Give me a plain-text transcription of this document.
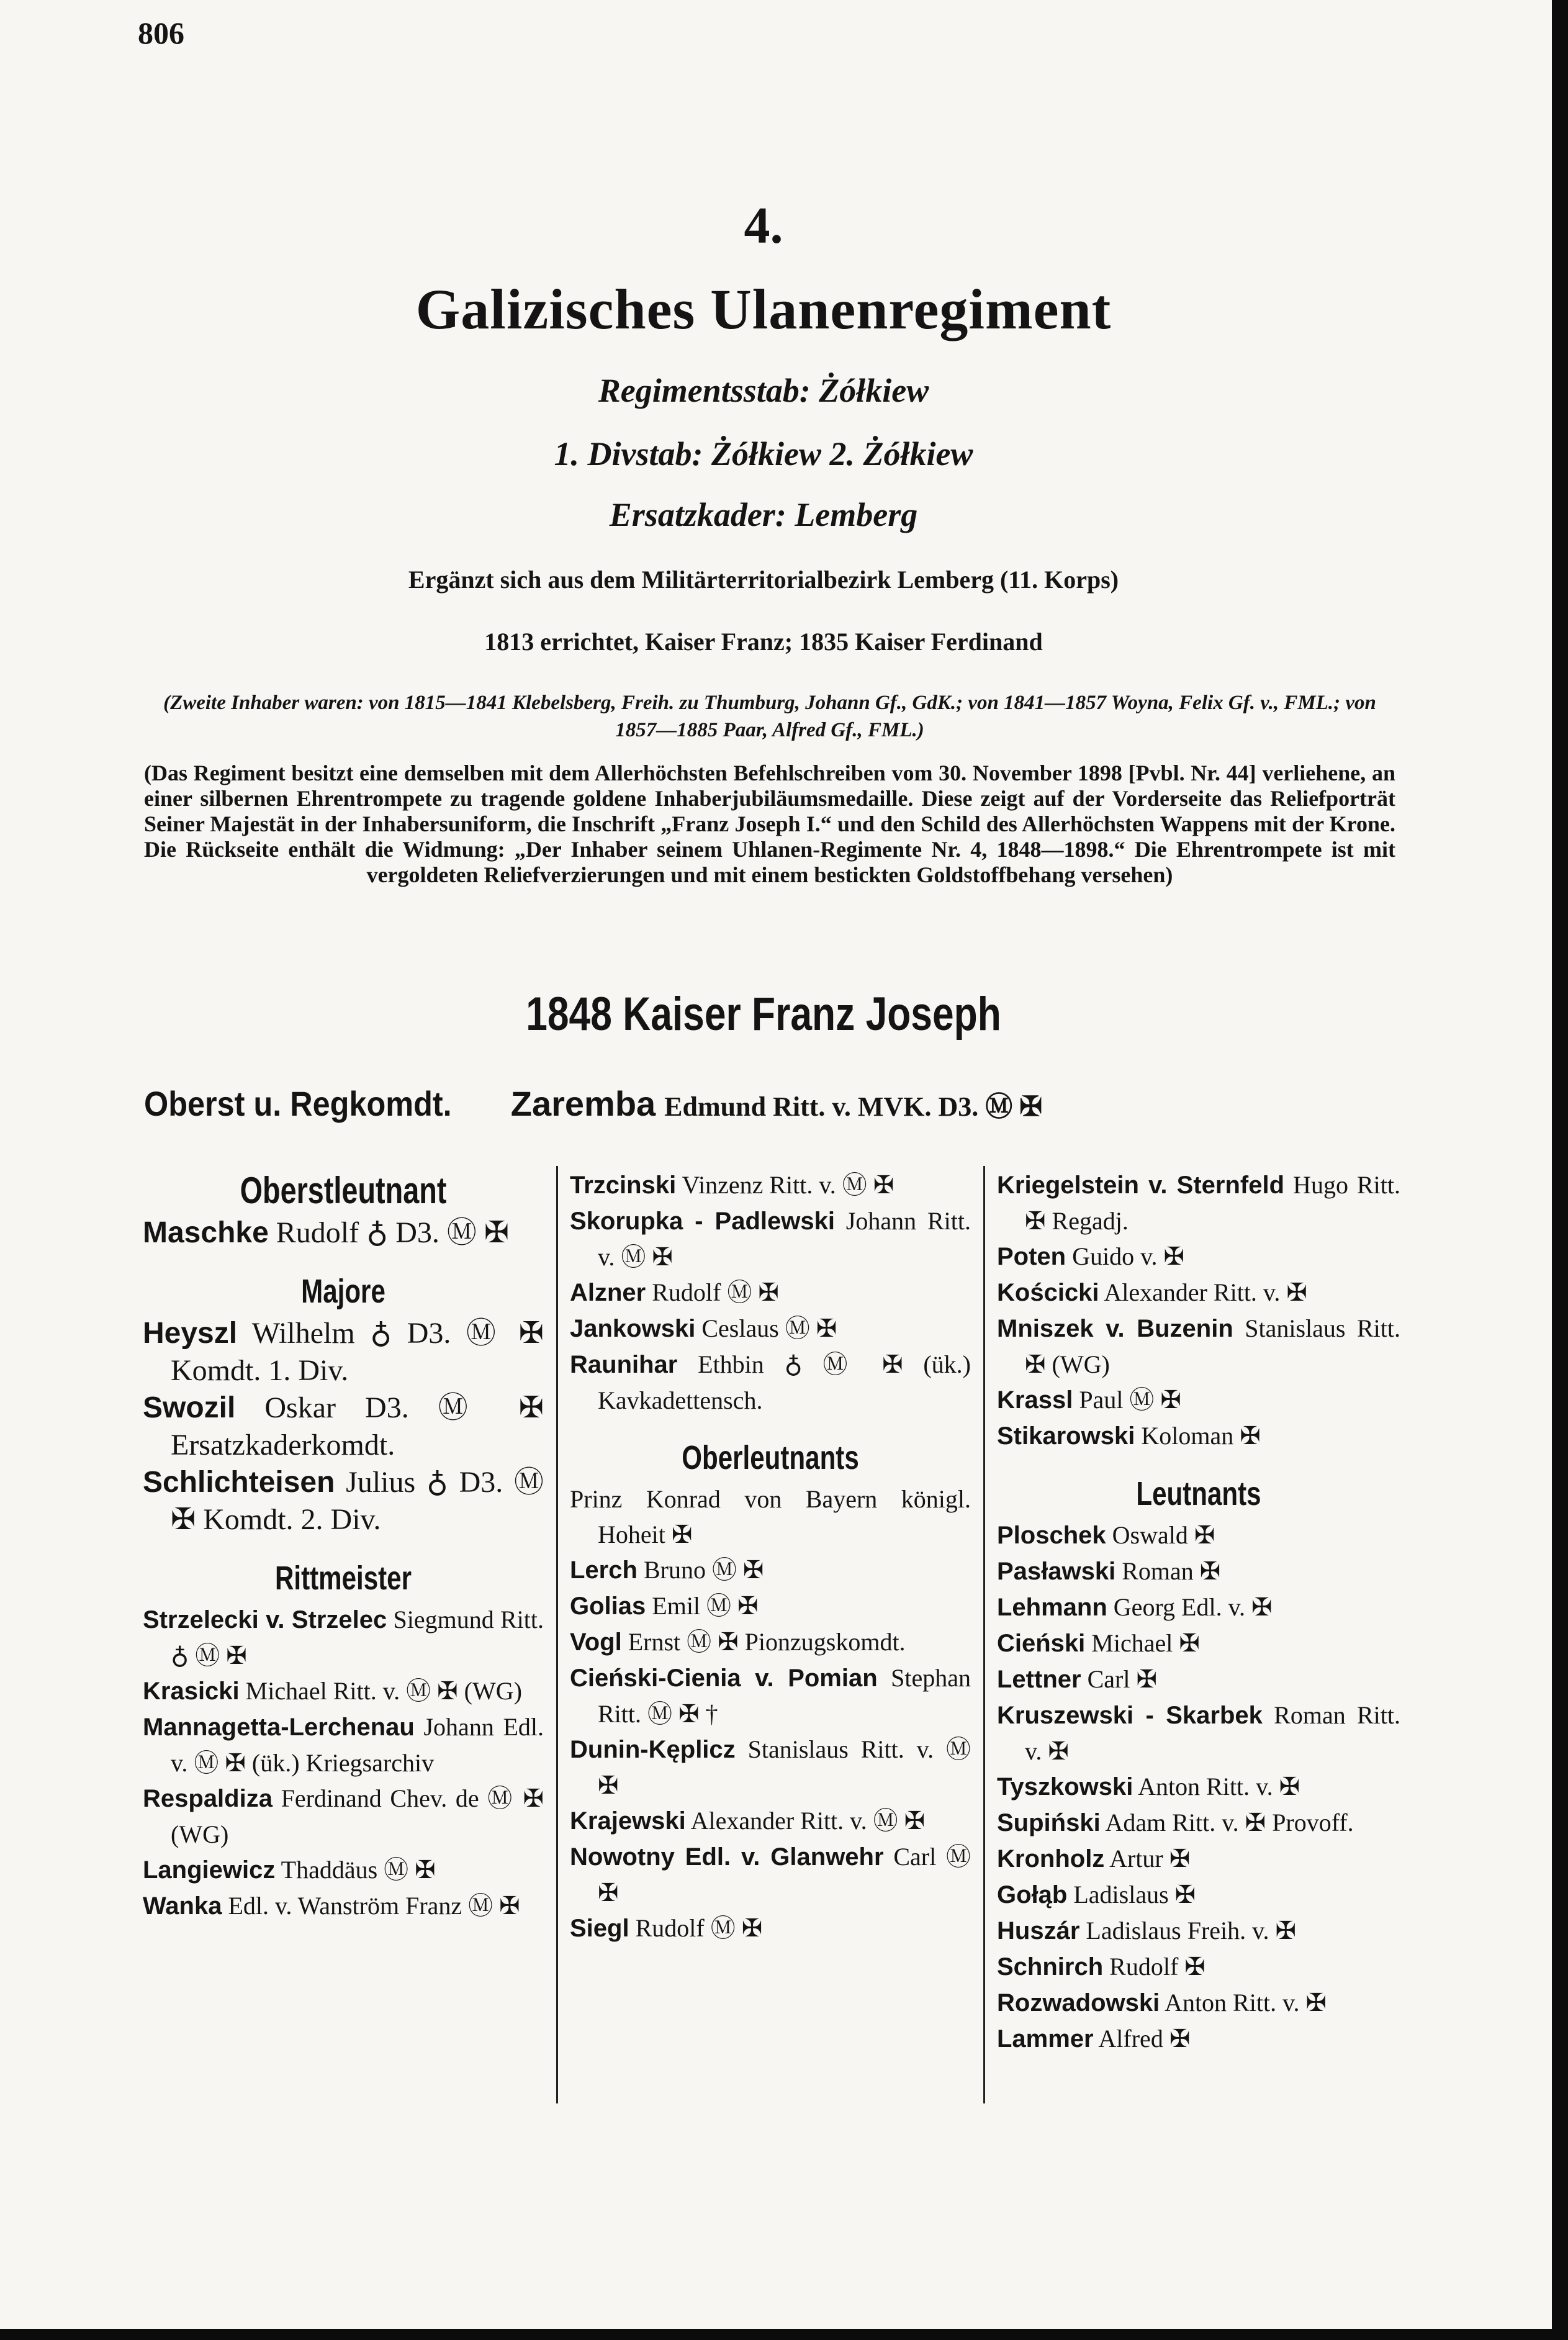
806
4.
Galizisches Ulanenregiment
Regimentsstab: Żółkiew
1. Divstab: Żółkiew 2. Żółkiew
Ersatzkader: Lemberg
Ergänzt sich aus dem Militärterritorialbezirk Lemberg (11. Korps)
1813 errichtet, Kaiser Franz; 1835 Kaiser Ferdinand
(Zweite Inhaber waren: von 1815—1841 Klebelsberg, Freih. zu Thumburg, Johann Gf., GdK.; von 1841—1857 Woyna, Felix Gf. v., FML.; von 1857—1885 Paar, Alfred Gf., FML.)
(Das Regiment besitzt eine demselben mit dem Allerhöchsten Befehlschreiben vom 30. November 1898 [Pvbl. Nr. 44] verliehene, an einer silbernen Ehrentrompete zu tragende goldene Inhaberjubiläumsmedaille. Diese zeigt auf der Vorderseite das Reliefporträt Seiner Majestät in der Inhabersuniform, die Inschrift „Franz Joseph I.“ und den Schild des Allerhöchsten Wappens mit der Krone. Die Rückseite enthält die Widmung: „Der Inhaber seinem Uhlanen-Regimente Nr. 4, 1848—1898.“ Die Ehrentrompete ist mit vergoldeten Reliefverzierungen und mit einem bestickten Goldstoffbehang versehen)
1848 Kaiser Franz Joseph
Oberst u. Regkomdt. Zaremba Edmund Ritt. v. MVK. D3. Ⓜ ✠
Oberstleutnant
Maschke Rudolf ♁ D3. Ⓜ ✠
Majore
Heyszl Wilhelm ♁ D3. Ⓜ ✠ Komdt. 1. Div.
Swozil Oskar D3. Ⓜ ✠ Ersatzkaderkomdt.
Schlichteisen Julius ♁ D3. Ⓜ ✠ Komdt. 2. Div.
Rittmeister
Strzelecki v. Strzelec Siegmund Ritt. ♁ Ⓜ ✠
Krasicki Michael Ritt. v. Ⓜ ✠ (WG)
Mannagetta-Lerchenau Johann Edl. v. Ⓜ ✠ (ük.) Kriegsarchiv
Respaldiza Ferdinand Chev. de Ⓜ ✠ (WG)
Langiewicz Thaddäus Ⓜ ✠
Wanka Edl. v. Wanström Franz Ⓜ ✠
Trzcinski Vinzenz Ritt. v. Ⓜ ✠
Skorupka - Padlewski Johann Ritt. v. Ⓜ ✠
Alzner Rudolf Ⓜ ✠
Jankowski Ceslaus Ⓜ ✠
Raunihar Ethbin ♁ Ⓜ ✠ (ük.) Kavkadettensch.
Oberleutnants
Prinz Konrad von Bayern königl. Hoheit ✠
Lerch Bruno Ⓜ ✠
Golias Emil Ⓜ ✠
Vogl Ernst Ⓜ ✠ Pionzugskomdt.
Cieński-Cienia v. Pomian Stephan Ritt. Ⓜ ✠ †
Dunin-Kęplicz Stanislaus Ritt. v. Ⓜ ✠
Krajewski Alexander Ritt. v. Ⓜ ✠
Nowotny Edl. v. Glanwehr Carl Ⓜ ✠
Siegl Rudolf Ⓜ ✠
Kriegelstein v. Sternfeld Hugo Ritt. ✠ Regadj.
Poten Guido v. ✠
Kościcki Alexander Ritt. v. ✠
Mniszek v. Buzenin Stanislaus Ritt. ✠ (WG)
Krassl Paul Ⓜ ✠
Stikarowski Koloman ✠
Leutnants
Ploschek Oswald ✠
Pasławski Roman ✠
Lehmann Georg Edl. v. ✠
Cieński Michael ✠
Lettner Carl ✠
Kruszewski - Skarbek Roman Ritt. v. ✠
Tyszkowski Anton Ritt. v. ✠
Supiński Adam Ritt. v. ✠ Provoff.
Kronholz Artur ✠
Gołąb Ladislaus ✠
Huszár Ladislaus Freih. v. ✠
Schnirch Rudolf ✠
Rozwadowski Anton Ritt. v. ✠
Lammer Alfred ✠
